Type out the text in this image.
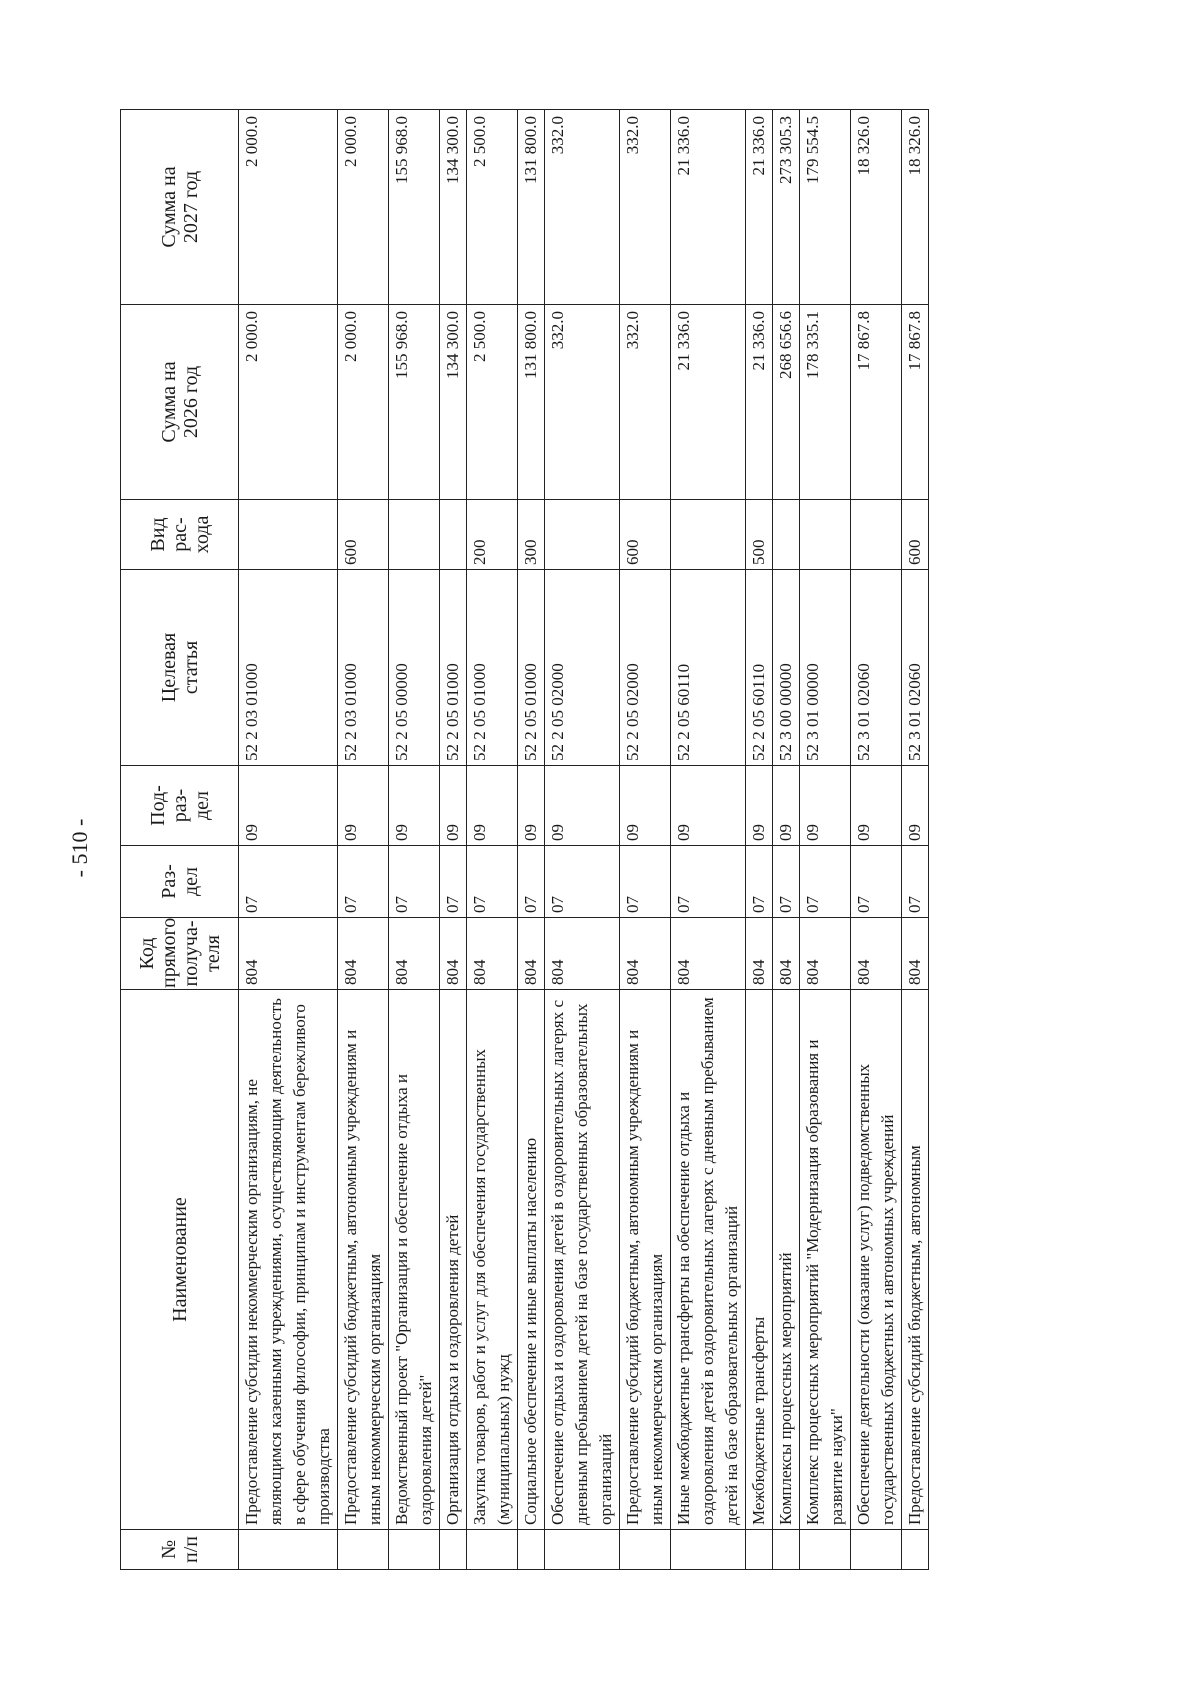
- 510 -
№
п/п	Наименование	Код
прямого
получа-
теля	Раз-
дел	Под-
раз-
дел	Целевая
статья	Вид
рас-
хода	Сумма на
2026 год	Сумма на
2027 год
	Предоставление субсидии некоммерческим организациям, не являющимся казенными учреждениями, осуществляющим деятельность в сфере обучения философии, принципам и инструментам бережливого производства	804	07	09	52 2 03 01000		2 000.0	2 000.0
	Предоставление субсидий бюджетным, автономным учреждениям и иным некоммерческим организациям	804	07	09	52 2 03 01000	600	2 000.0	2 000.0
	Ведомственный проект "Организация и обеспечение отдыха и оздоровления детей"	804	07	09	52 2 05 00000		155 968.0	155 968.0
	Организация отдыха и оздоровления детей	804	07	09	52 2 05 01000		134 300.0	134 300.0
	Закупка товаров, работ и услуг для обеспечения государственных (муниципальных) нужд	804	07	09	52 2 05 01000	200	2 500.0	2 500.0
	Социальное обеспечение и иные выплаты населению	804	07	09	52 2 05 01000	300	131 800.0	131 800.0
	Обеспечение отдыха и оздоровления детей в оздоровительных лагерях с дневным пребыванием детей на базе государственных образовательных организаций	804	07	09	52 2 05 02000		332.0	332.0
	Предоставление субсидий бюджетным, автономным учреждениям и иным некоммерческим организациям	804	07	09	52 2 05 02000	600	332.0	332.0
	Иные межбюджетные трансферты на обеспечение отдыха и оздоровления детей в оздоровительных лагерях с дневным пребыванием детей на базе образовательных организаций	804	07	09	52 2 05 60110		21 336.0	21 336.0
	Межбюджетные трансферты	804	07	09	52 2 05 60110	500	21 336.0	21 336.0
	Комплексы процессных мероприятий	804	07	09	52 3 00 00000		268 656.6	273 305.3
	Комплекс процессных мероприятий "Модернизация образования и развитие науки"	804	07	09	52 3 01 00000		178 335.1	179 554.5
	Обеспечение деятельности (оказание услуг) подведомственных государственных бюджетных и автономных учреждений	804	07	09	52 3 01 02060		17 867.8	18 326.0
	Предоставление субсидий бюджетным, автономным	804	07	09	52 3 01 02060	600	17 867.8	18 326.0
